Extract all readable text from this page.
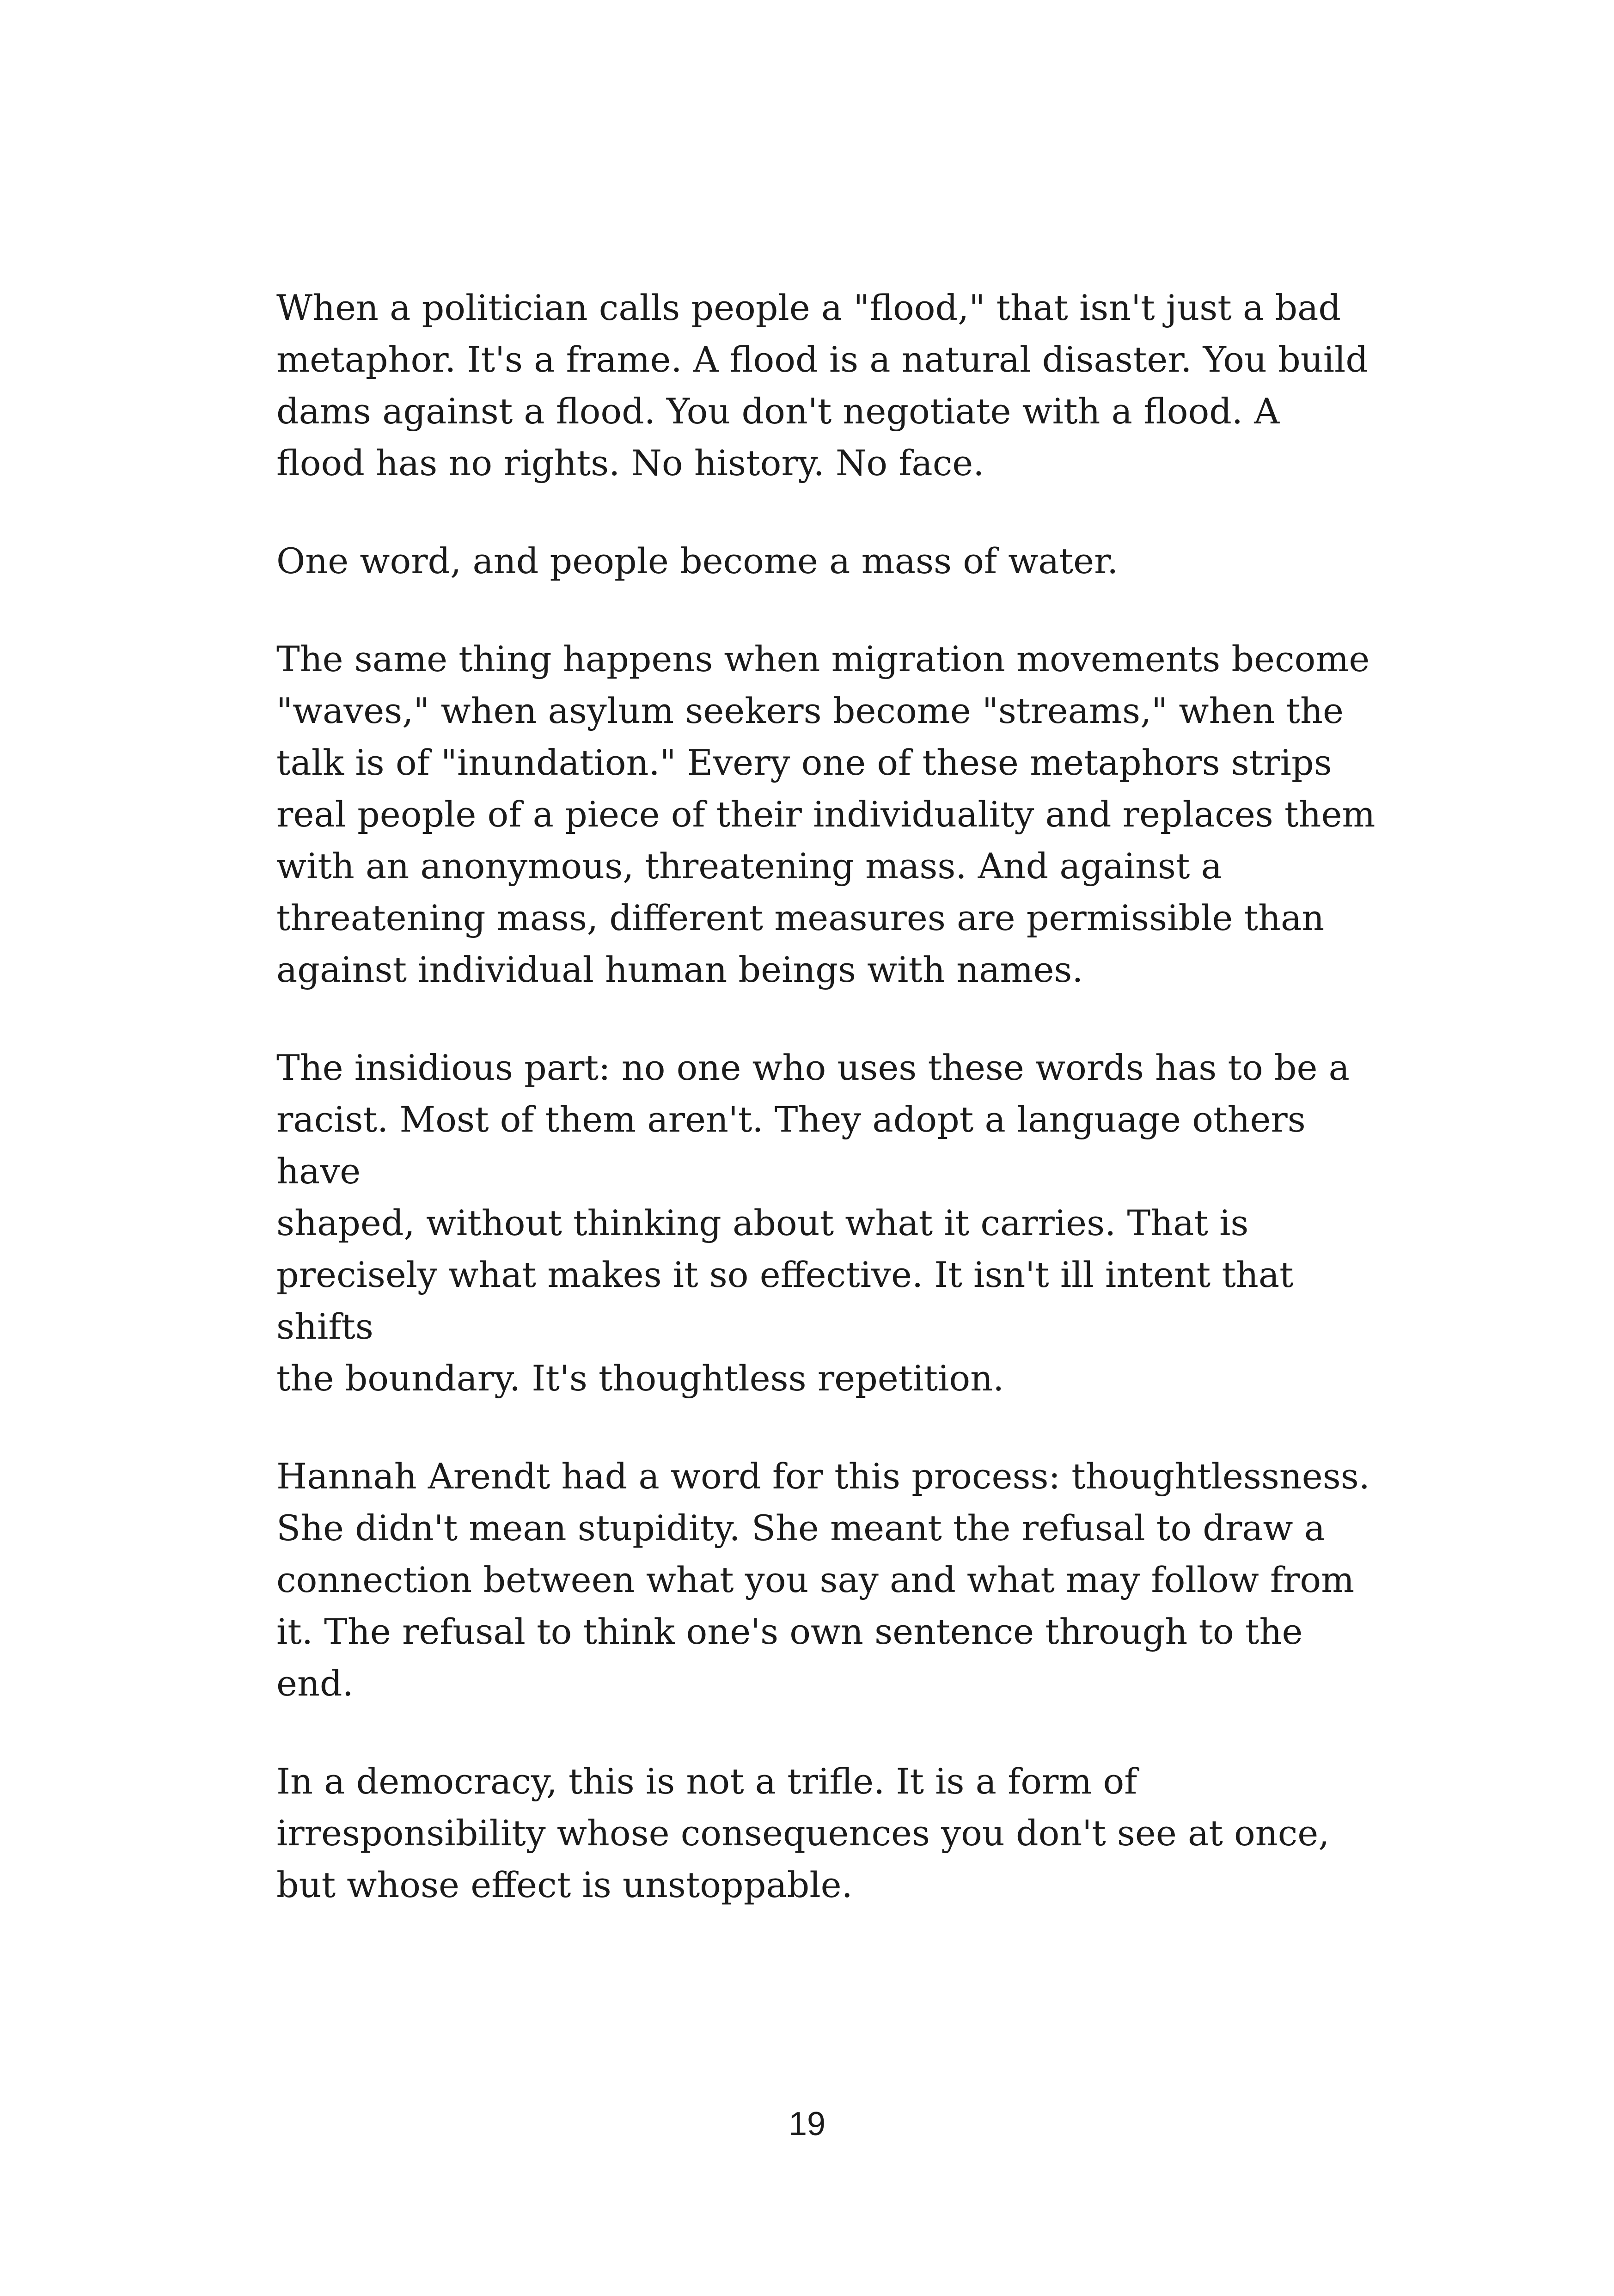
When a politician calls people a "flood," that isn't just a bad
metaphor. It's a frame. A flood is a natural disaster. You build
dams against a flood. You don't negotiate with a flood. A
flood has no rights. No history. No face.

One word, and people become a mass of water.

The same thing happens when migration movements become
"waves," when asylum seekers become "streams," when the
talk is of "inundation." Every one of these metaphors strips
real people of a piece of their individuality and replaces them
with an anonymous, threatening mass. And against a
threatening mass, different measures are permissible than
against individual human beings with names.

The insidious part: no one who uses these words has to be a
racist. Most of them aren't. They adopt a language others have
shaped, without thinking about what it carries. That is
precisely what makes it so effective. It isn't ill intent that shifts
the boundary. It's thoughtless repetition.

Hannah Arendt had a word for this process: thoughtlessness.
She didn't mean stupidity. She meant the refusal to draw a
connection between what you say and what may follow from
it. The refusal to think one's own sentence through to the end.

In a democracy, this is not a trifle. It is a form of
irresponsibility whose consequences you don't see at once,
but whose effect is unstoppable.

19
